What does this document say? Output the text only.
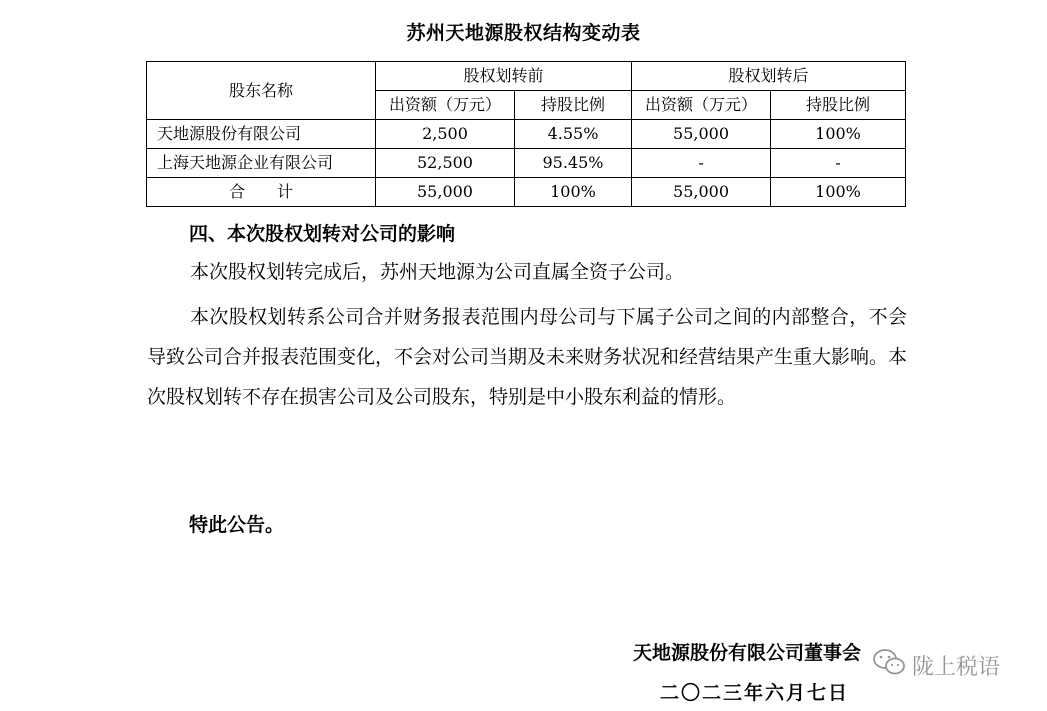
苏州天地源股权结构变动表
股东名称	股权划转前		股权划转后	
	出资额（万元）	持股比例	出资额（万元）	持股比例
天地源股份有限公司	2,500	4.55%	55,000	100%
上海天地源企业有限公司	52,500	95.45%	-	-
合　　计	55,000	100%	55,000	100%
四、本次股权划转对公司的影响
本次股权划转完成后，苏州天地源为公司直属全资子公司。
本次股权划转系公司合并财务报表范围内母公司与下属子公司之间的内部整合，不会导致公司合并报表范围变化，不会对公司当期及未来财务状况和经营结果产生重大影响。本次股权划转不存在损害公司及公司股东，特别是中小股东利益的情形。
特此公告。
天地源股份有限公司董事会
二〇二三年六月七日
陇上税语
